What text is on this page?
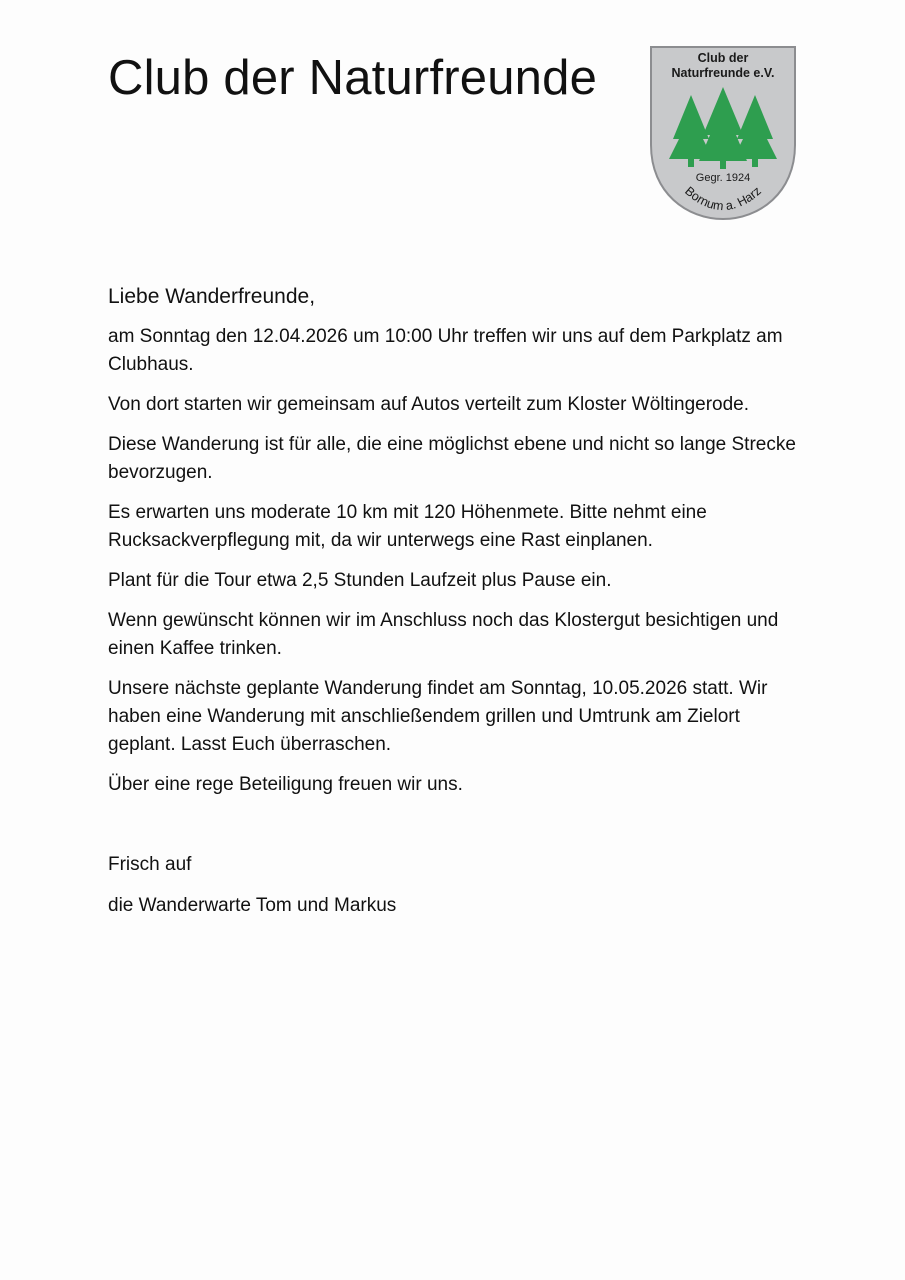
Club der Naturfreunde	Club der
Naturfreunde e.V.
Gegr. 1924
Bornum a. Harz

Liebe Wanderfreunde,

am Sonntag den 12.04.2026 um 10:00 Uhr treffen wir uns auf dem Parkplatz am Clubhaus.

Von dort starten wir gemeinsam auf Autos verteilt zum Kloster Wöltingerode.

Diese Wanderung ist für alle, die eine möglichst ebene und nicht so lange Strecke bevorzugen.

Es erwarten uns moderate 10 km mit 120 Höhenmete. Bitte nehmt eine Rucksackverpflegung mit, da wir unterwegs eine Rast einplanen.

Plant für die Tour etwa 2,5 Stunden Laufzeit plus Pause ein.

Wenn gewünscht können wir im Anschluss noch das Klostergut besichtigen und einen Kaffee trinken.

Unsere nächste geplante Wanderung findet am Sonntag, 10.05.2026 statt. Wir haben eine Wanderung mit anschließendem grillen und Umtrunk am Zielort geplant. Lasst Euch überraschen.

Über eine rege Beteiligung freuen wir uns.

Frisch auf

die Wanderwarte Tom und Markus
